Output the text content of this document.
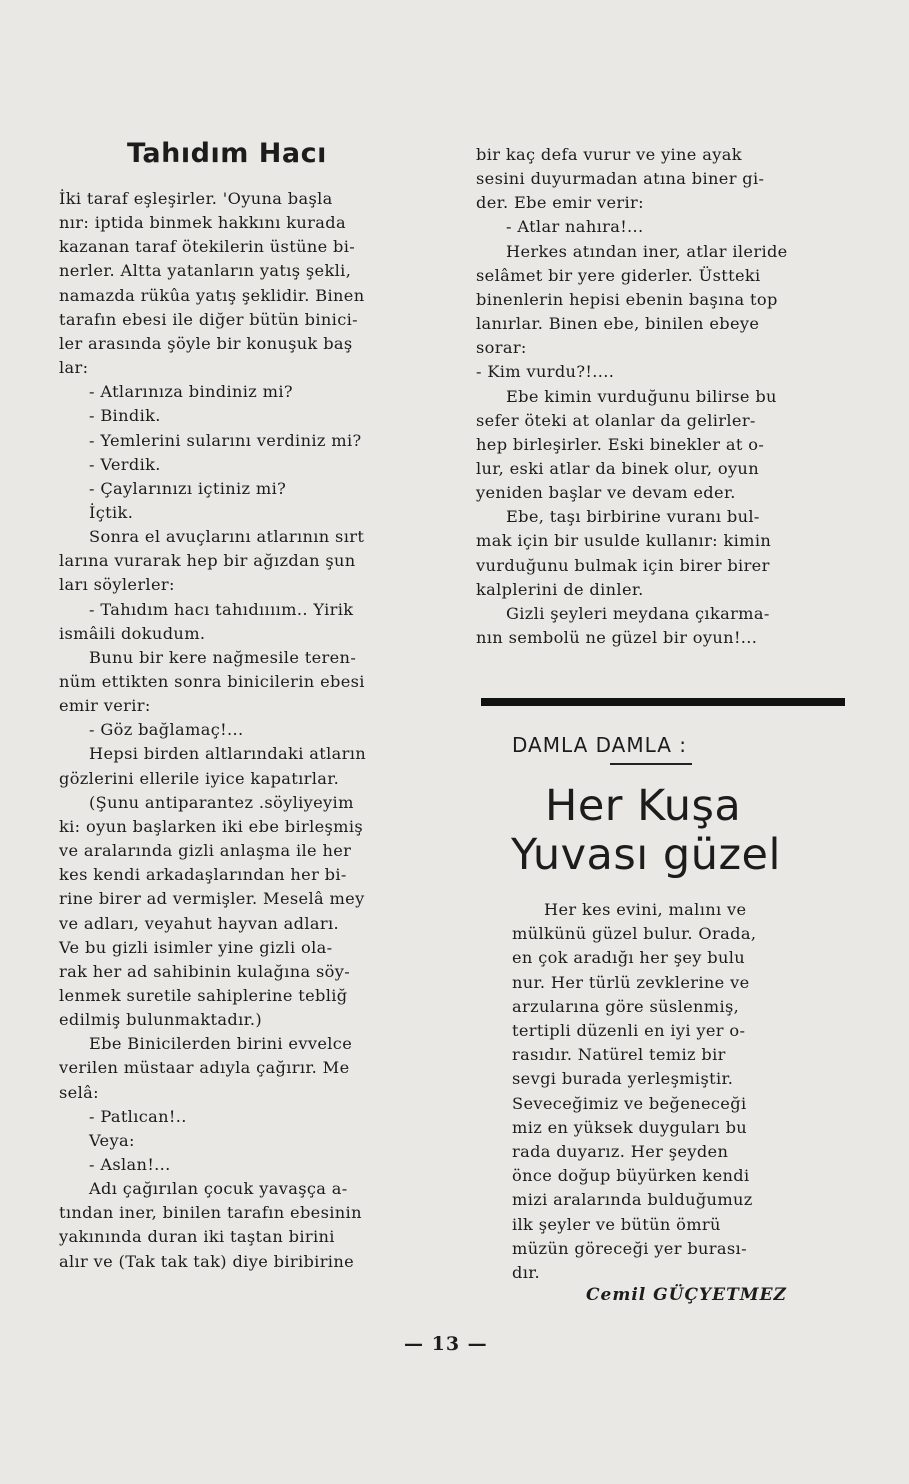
Tahıdım Hacı

İki taraf eşleşirler. 'Oyuna başla

nır: iptida binmek hakkını kurada

kazanan taraf ötekilerin üstüne bi-

nerler. Altta yatanların yatış şekli,

namazda rükûa yatış şeklidir. Binen

tarafın ebesi ile diğer bütün binici-

ler arasında şöyle bir konuşuk baş

lar:

- Atlarınıza bindiniz mi?

- Bindik.

- Yemlerini sularını verdiniz mi?

- Verdik.

- Çaylarınızı içtiniz mi?

İçtik.

Sonra el avuçlarını atlarının sırt

larına vurarak hep bir ağızdan şun

ları söylerler:

- Tahıdım hacı tahıdıııım.. Yirik

ismâili dokudum.

Bunu bir kere nağmesile teren-

nüm ettikten sonra binicilerin ebesi

emir verir:

- Göz bağlamaç!...

Hepsi birden altlarındaki atların

gözlerini ellerile iyice kapatırlar.

(Şunu antiparantez .söyliyeyim

ki: oyun başlarken iki ebe birleşmiş

ve aralarında gizli anlaşma ile her

kes kendi arkadaşlarından her bi-

rine birer ad vermişler. Meselâ mey

ve adları, veyahut hayvan adları.

Ve bu gizli isimler yine gizli ola-

rak her ad sahibinin kulağına söy-

lenmek suretile sahiplerine tebliğ

edilmiş bulunmaktadır.)

Ebe Binicilerden birini evvelce

verilen müstaar adıyla çağırır. Me

selâ:

- Patlıcan!..

Veya:

- Aslan!...

Adı çağırılan çocuk yavaşça a-

tından iner, binilen tarafın ebesinin

yakınında duran iki taştan birini

alır ve (Tak tak tak) diye biribirine

bir kaç defa vurur ve yine ayak

sesini duyurmadan atına biner gi-

der. Ebe emir verir:

- Atlar nahıra!...

Herkes atından iner, atlar ileride

selâmet bir yere giderler. Üstteki

binenlerin hepisi ebenin başına top

lanırlar. Binen ebe, binilen ebeye

sorar:

- Kim vurdu?!....

Ebe kimin vurduğunu bilirse bu

sefer öteki at olanlar da gelirler-

hep birleşirler. Eski binekler at o-

lur, eski atlar da binek olur, oyun

yeniden başlar ve devam eder.

Ebe, taşı birbirine vuranı bul-

mak için bir usulde kullanır: kimin

vurduğunu bulmak için birer birer

kalplerini de dinler.

Gizli şeyleri meydana çıkarma-

nın sembolü ne güzel bir oyun!...

DAMLA DAMLA :

Her Kuşa

Yuvası güzel

Her kes evini, malını ve

mülkünü güzel bulur. Orada,

en çok aradığı her şey bulu

nur. Her türlü zevklerine ve

arzularına göre süslenmiş,

tertipli düzenli en iyi yer o-

rasıdır. Natürel temiz bir

sevgi burada yerleşmiştir.

Seveceğimiz ve beğeneceği

miz en yüksek duyguları bu

rada duyarız. Her şeyden

önce doğup büyürken kendi

mizi aralarında bulduğumuz

ilk şeyler ve bütün ömrü

müzün göreceği yer burası-

dır.

Cemil GÜÇYETMEZ

— 13 —
